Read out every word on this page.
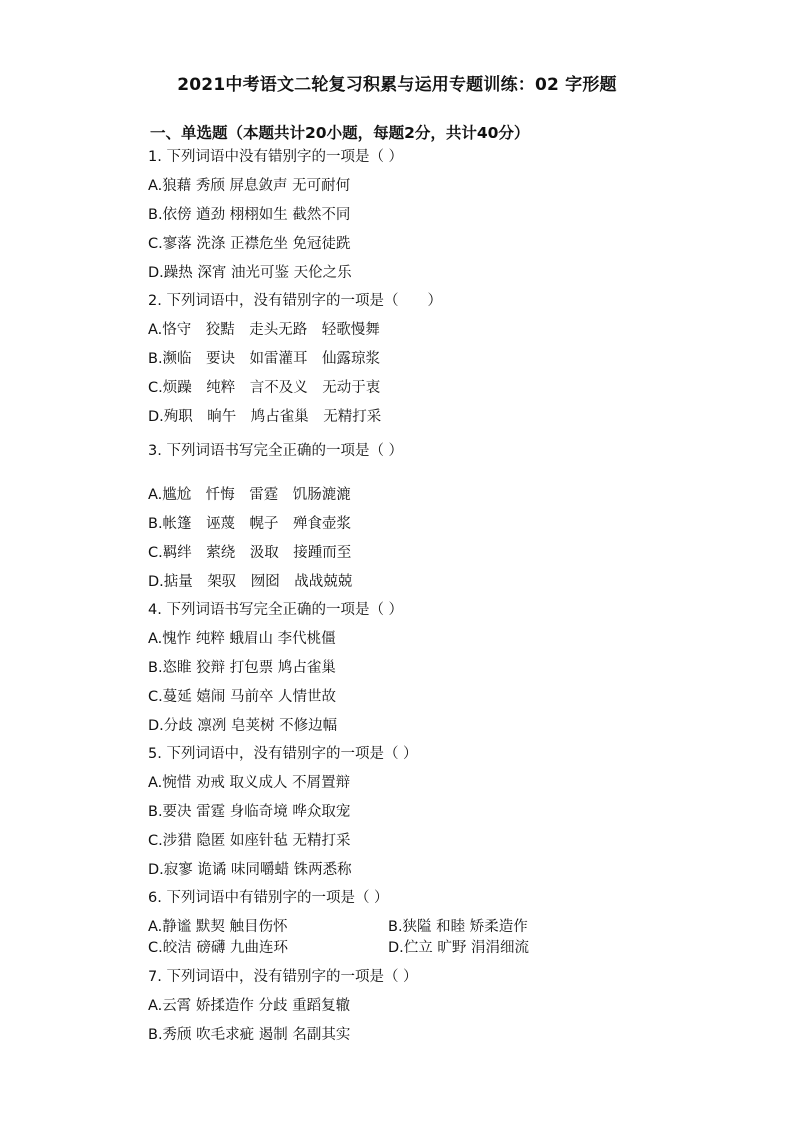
2021中考语文二轮复习积累与运用专题训练：02 字形题
一、单选题（本题共计20小题，每题2分，共计40分）
1. 下列词语中没有错别字的一项是（ ）
A.狼藉 秀颀 屏息敛声 无可耐何
B.依傍 遒劲 栩栩如生 截然不同
C.寥落 洗涤 正襟危坐 免冠徒跣
D.躁热 深宵 油光可鉴 天伦之乐
2. 下列词语中，没有错别字的一项是（　　）
A.恪守　狡黠　走头无路　轻歌慢舞
B.濒临　要诀　如雷灌耳　仙露琼浆
C.烦躁　纯粹　言不及义　无动于衷
D.殉职　晌午　鸠占雀巢　无精打采
3. 下列词语书写完全正确的一项是（ ）
A.尴尬　忏悔　雷霆　饥肠漉漉
B.帐篷　诬蔑　幌子　殚食壶浆
C.羁绊　萦绕　汲取　接踵而至
D.掂量　架驭　囫囵　战战兢兢
4. 下列词语书写完全正确的一项是（ ）
A.愧怍 纯粹 蛾眉山 李代桃僵
B.恣睢 狡辩 打包票 鸠占雀巢
C.蔓延 嬉闹 马前卒 人情世故
D.分歧 凛冽 皂荚树 不修边幅
5. 下列词语中，没有错别字的一项是（ ）
A.惋惜 劝戒 取义成人 不屑置辩
B.要决 雷霆 身临奇境 哗众取宠
C.涉猎 隐匿 如座针毡 无精打采
D.寂寥 诡谲 味同嚼蜡 铢两悉称
6. 下列词语中有错别字的一项是（ ）
A.静谧 默契 触目伤怀	B.狭隘 和睦 矫柔造作
C.皎洁 磅礴 九曲连环	D.伫立 旷野 涓涓细流
7. 下列词语中，没有错别字的一项是（ ）
A.云霄 娇揉造作 分歧 重蹈复辙
B.秀颀 吹毛求疵 遏制 名副其实
